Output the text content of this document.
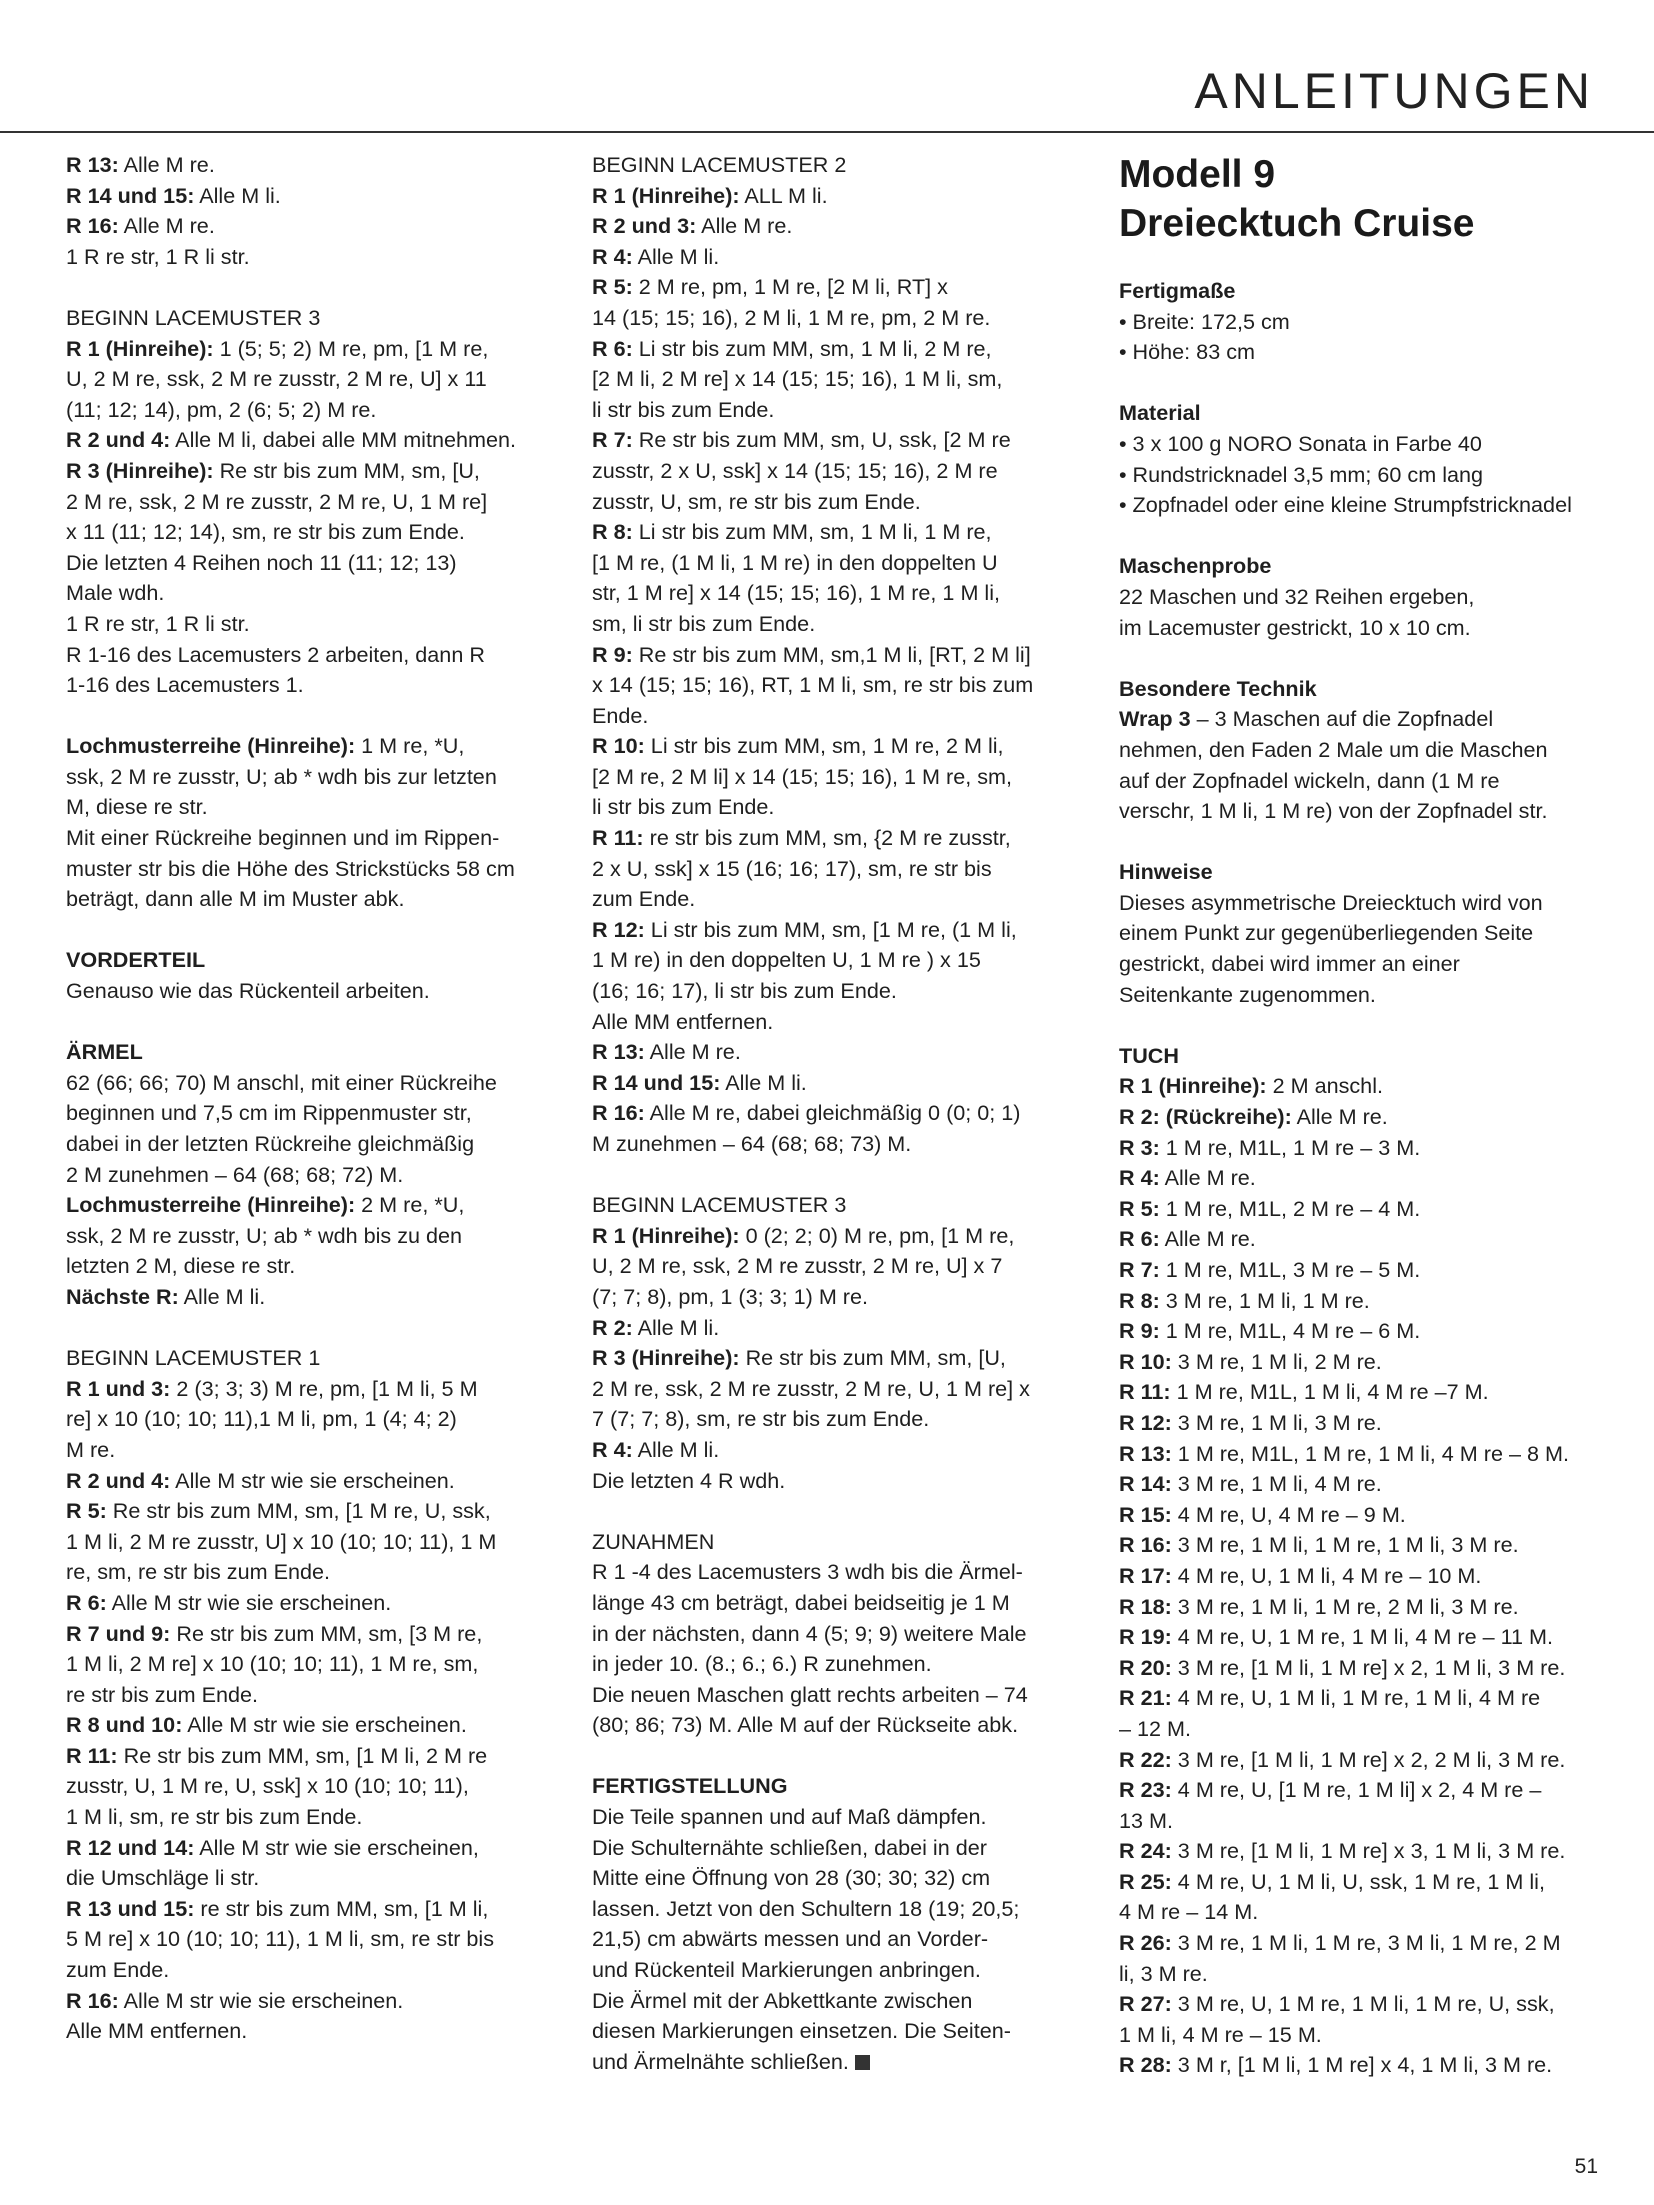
ANLEITUNGEN
R 13: Alle M re.
R 14 und 15: Alle M li.
R 16: Alle M re.
1 R re str, 1 R li str.
BEGINN LACEMUSTER 3
R 1 (Hinreihe): 1 (5; 5; 2) M re, pm, [1 M re,
U, 2 M re, ssk, 2 M re zusstr, 2 M re, U] x 11
(11; 12; 14), pm, 2 (6; 5; 2) M re.
R 2 und 4: Alle M li, dabei alle MM mitnehmen.
R 3 (Hinreihe): Re str bis zum MM, sm, [U,
2 M re, ssk, 2 M re zusstr, 2 M re, U, 1 M re]
x 11 (11; 12; 14), sm, re str bis zum Ende.
Die letzten 4 Reihen noch 11 (11; 12; 13)
Male wdh.
1 R re str, 1 R li str.
R 1-16 des Lacemusters 2 arbeiten, dann R
1-16 des Lacemusters 1.
Lochmusterreihe (Hinreihe): 1 M re, *U,
ssk, 2 M re zusstr, U; ab * wdh bis zur letzten
M, diese re str.
Mit einer Rückreihe beginnen und im Rippen-
muster str bis die Höhe des Strickstücks 58 cm
beträgt, dann alle M im Muster abk.
VORDERTEIL
Genauso wie das Rückenteil arbeiten.
ÄRMEL
62 (66; 66; 70) M anschl, mit einer Rückreihe
beginnen und 7,5 cm im Rippenmuster str,
dabei in der letzten Rückreihe gleichmäßig
2 M zunehmen – 64 (68; 68; 72) M.
Lochmusterreihe (Hinreihe): 2 M re, *U,
ssk, 2 M re zusstr, U; ab * wdh bis zu den
letzten 2 M, diese re str.
Nächste R: Alle M li.
BEGINN LACEMUSTER 1
R 1 und 3: 2 (3; 3; 3) M re, pm, [1 M li, 5 M
re] x 10 (10; 10; 11),1 M li, pm, 1 (4; 4; 2)
M re.
R 2 und 4: Alle M str wie sie erscheinen.
R 5: Re str bis zum MM, sm, [1 M re, U, ssk,
1 M li, 2 M re zusstr, U] x 10 (10; 10; 11), 1 M
re, sm, re str bis zum Ende.
R 6: Alle M str wie sie erscheinen.
R 7 und 9: Re str bis zum MM, sm, [3 M re,
1 M li, 2 M re] x 10 (10; 10; 11), 1 M re, sm,
re str bis zum Ende.
R 8 und 10: Alle M str wie sie erscheinen.
R 11: Re str bis zum MM, sm, [1 M li, 2 M re
zusstr, U, 1 M re, U, ssk] x 10 (10; 10; 11),
1 M li, sm, re str bis zum Ende.
R 12 und 14: Alle M str wie sie erscheinen,
die Umschläge li str.
R 13 und 15: re str bis zum MM, sm, [1 M li,
5 M re] x 10 (10; 10; 11), 1 M li, sm, re str bis
zum Ende.
R 16: Alle M str wie sie erscheinen.
Alle MM entfernen.
BEGINN LACEMUSTER 2
R 1 (Hinreihe): ALL M li.
R 2 und 3: Alle M re.
R 4: Alle M li.
R 5: 2 M re, pm, 1 M re, [2 M li, RT] x
14 (15; 15; 16), 2 M li, 1 M re, pm, 2 M re.
R 6: Li str bis zum MM, sm, 1 M li, 2 M re,
[2 M li, 2 M re] x 14 (15; 15; 16), 1 M li, sm,
li str bis zum Ende.
R 7: Re str bis zum MM, sm, U, ssk, [2 M re
zusstr, 2 x U, ssk] x 14 (15; 15; 16), 2 M re
zusstr, U, sm, re str bis zum Ende.
R 8: Li str bis zum MM, sm, 1 M li, 1 M re,
[1 M re, (1 M li, 1 M re) in den doppelten U
str, 1 M re] x 14 (15; 15; 16), 1 M re, 1 M li,
sm, li str bis zum Ende.
R 9: Re str bis zum MM, sm,1 M li, [RT, 2 M li]
x 14 (15; 15; 16), RT, 1 M li, sm, re str bis zum
Ende.
R 10: Li str bis zum MM, sm, 1 M re, 2 M li,
[2 M re, 2 M li] x 14 (15; 15; 16), 1 M re, sm,
li str bis zum Ende.
R 11: re str bis zum MM, sm, {2 M re zusstr,
2 x U, ssk] x 15 (16; 16; 17), sm, re str bis
zum Ende.
R 12: Li str bis zum MM, sm, [1 M re, (1 M li,
1 M re) in den doppelten U, 1 M re ) x 15
(16; 16; 17), li str bis zum Ende.
Alle MM entfernen.
R 13: Alle M re.
R 14 und 15: Alle M li.
R 16: Alle M re, dabei gleichmäßig 0 (0; 0; 1)
M zunehmen – 64 (68; 68; 73) M.
BEGINN LACEMUSTER 3
R 1 (Hinreihe): 0 (2; 2; 0) M re, pm, [1 M re,
U, 2 M re, ssk, 2 M re zusstr, 2 M re, U] x 7
(7; 7; 8), pm, 1 (3; 3; 1) M re.
R 2: Alle M li.
R 3 (Hinreihe): Re str bis zum MM, sm, [U,
2 M re, ssk, 2 M re zusstr, 2 M re, U, 1 M re] x
7 (7; 7; 8), sm, re str bis zum Ende.
R 4: Alle M li.
Die letzten 4 R wdh.
ZUNAHMEN
R 1 -4 des Lacemusters 3 wdh bis die Ärmel-
länge 43 cm beträgt, dabei beidseitig je 1 M
in der nächsten, dann 4 (5; 9; 9) weitere Male
in jeder 10. (8.; 6.; 6.) R zunehmen.
Die neuen Maschen glatt rechts arbeiten – 74
(80; 86; 73) M. Alle M auf der Rückseite abk.
FERTIGSTELLUNG
Die Teile spannen und auf Maß dämpfen.
Die Schulternähte schließen, dabei in der
Mitte eine Öffnung von 28 (30; 30; 32) cm
lassen. Jetzt von den Schultern 18 (19; 20,5;
21,5) cm abwärts messen und an Vorder-
und Rückenteil Markierungen anbringen.
Die Ärmel mit der Abkettkante zwischen
diesen Markierungen einsetzen. Die Seiten-
und Ärmelnähte schließen.
Modell 9
Dreiecktuch Cruise
Fertigmaße
• Breite: 172,5 cm
• Höhe: 83 cm
Material
• 3 x 100 g NORO Sonata in Farbe 40
• Rundstricknadel 3,5 mm; 60 cm lang
• Zopfnadel oder eine kleine Strumpfstricknadel
Maschenprobe
22 Maschen und 32 Reihen ergeben,
im Lacemuster gestrickt, 10 x 10 cm.
Besondere Technik
Wrap 3 – 3 Maschen auf die Zopfnadel
nehmen, den Faden 2 Male um die Maschen
auf der Zopfnadel wickeln, dann (1 M re
verschr, 1 M li, 1 M re) von der Zopfnadel str.
Hinweise
Dieses asymmetrische Dreiecktuch wird von
einem Punkt zur gegenüberliegenden Seite
gestrickt, dabei wird immer an einer
Seitenkante zugenommen.
TUCH
R 1 (Hinreihe): 2 M anschl.
R 2: (Rückreihe): Alle M re.
R 3: 1 M re, M1L, 1 M re – 3 M.
R 4: Alle M re.
R 5: 1 M re, M1L, 2 M re – 4 M.
R 6: Alle M re.
R 7: 1 M re, M1L, 3 M re – 5 M.
R 8: 3 M re, 1 M li, 1 M re.
R 9: 1 M re, M1L, 4 M re – 6 M.
R 10: 3 M re, 1 M li, 2 M re.
R 11: 1 M re, M1L, 1 M li, 4 M re –7 M.
R 12: 3 M re, 1 M li, 3 M re.
R 13: 1 M re, M1L, 1 M re, 1 M li, 4 M re – 8 M.
R 14: 3 M re, 1 M li, 4 M re.
R 15: 4 M re, U, 4 M re – 9 M.
R 16: 3 M re, 1 M li, 1 M re, 1 M li, 3 M re.
R 17: 4 M re, U, 1 M li, 4 M re – 10 M.
R 18: 3 M re, 1 M li, 1 M re, 2 M li, 3 M re.
R 19: 4 M re, U, 1 M re, 1 M li, 4 M re – 11 M.
R 20: 3 M re, [1 M li, 1 M re] x 2, 1 M li, 3 M re.
R 21: 4 M re, U, 1 M li, 1 M re, 1 M li, 4 M re
– 12 M.
R 22: 3 M re, [1 M li, 1 M re] x 2, 2 M li, 3 M re.
R 23: 4 M re, U, [1 M re, 1 M li] x 2, 4 M re –
13 M.
R 24: 3 M re, [1 M li, 1 M re] x 3, 1 M li, 3 M re.
R 25: 4 M re, U, 1 M li, U, ssk, 1 M re, 1 M li,
4 M re – 14 M.
R 26: 3 M re, 1 M li, 1 M re, 3 M li, 1 M re, 2 M
li, 3 M re.
R 27: 3 M re, U, 1 M re, 1 M li, 1 M re, U, ssk,
1 M li, 4 M re – 15 M.
R 28: 3 M r, [1 M li, 1 M re] x 4, 1 M li, 3 M re.
51
